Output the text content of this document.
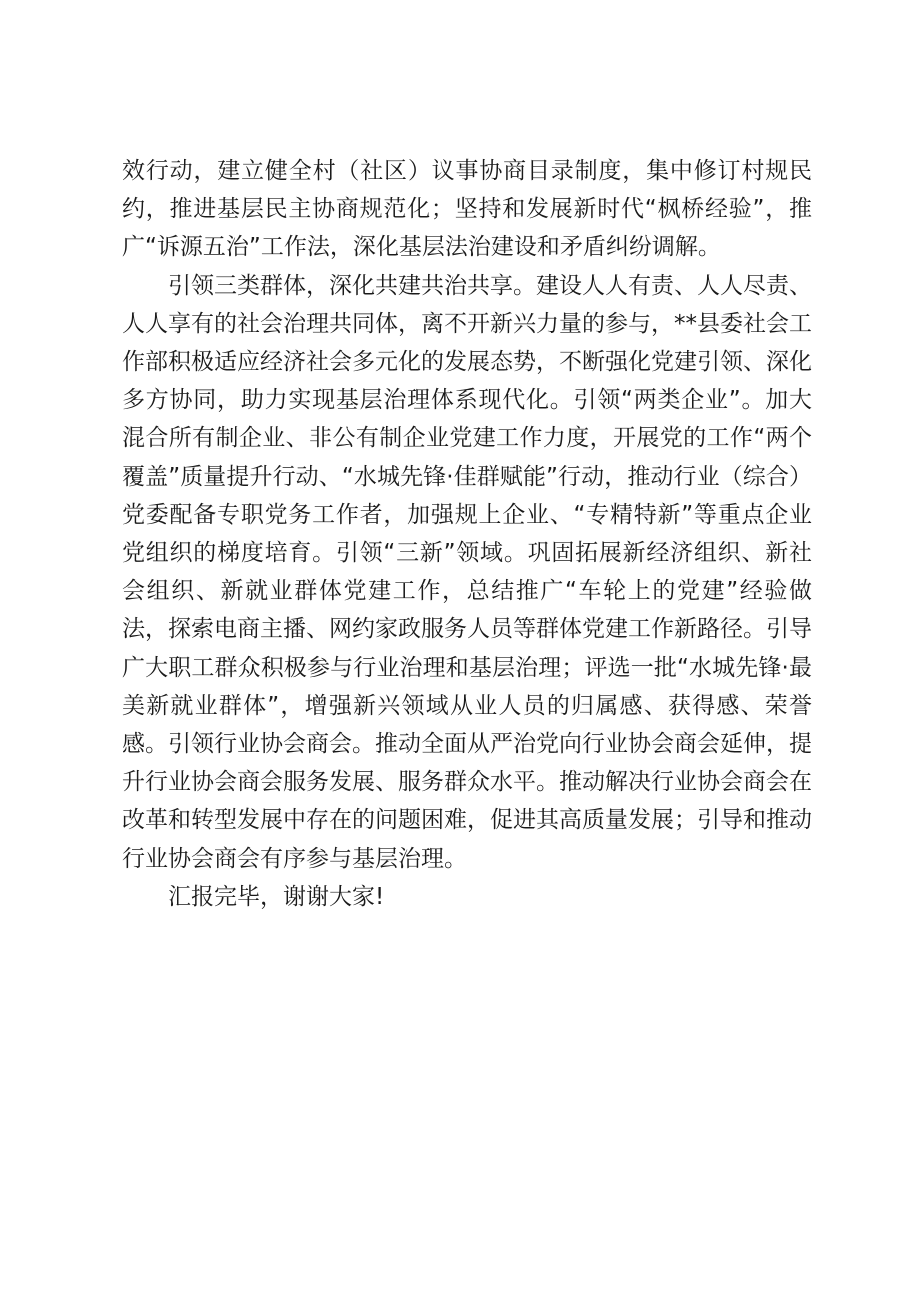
效行动，建立健全村（社区）议事协商目录制度，集中修订村规民约，推进基层民主协商规范化；坚持和发展新时代“枫桥经验”，推广“诉源五治”工作法，深化基层法治建设和矛盾纠纷调解。

引领三类群体，深化共建共治共享。建设人人有责、人人尽责、人人享有的社会治理共同体，离不开新兴力量的参与，**县委社会工作部积极适应经济社会多元化的发展态势，不断强化党建引领、深化多方协同，助力实现基层治理体系现代化。引领“两类企业”。加大混合所有制企业、非公有制企业党建工作力度，开展党的工作“两个覆盖”质量提升行动、“水城先锋·佳群赋能”行动，推动行业（综合）党委配备专职党务工作者，加强规上企业、“专精特新”等重点企业党组织的梯度培育。引领“三新”领域。巩固拓展新经济组织、新社会组织、新就业群体党建工作，总结推广“车轮上的党建”经验做法，探索电商主播、网约家政服务人员等群体党建工作新路径。引导广大职工群众积极参与行业治理和基层治理；评选一批“水城先锋·最美新就业群体”，增强新兴领域从业人员的归属感、获得感、荣誉感。引领行业协会商会。推动全面从严治党向行业协会商会延伸，提升行业协会商会服务发展、服务群众水平。推动解决行业协会商会在改革和转型发展中存在的问题困难，促进其高质量发展；引导和推动行业协会商会有序参与基层治理。

汇报完毕，谢谢大家!
